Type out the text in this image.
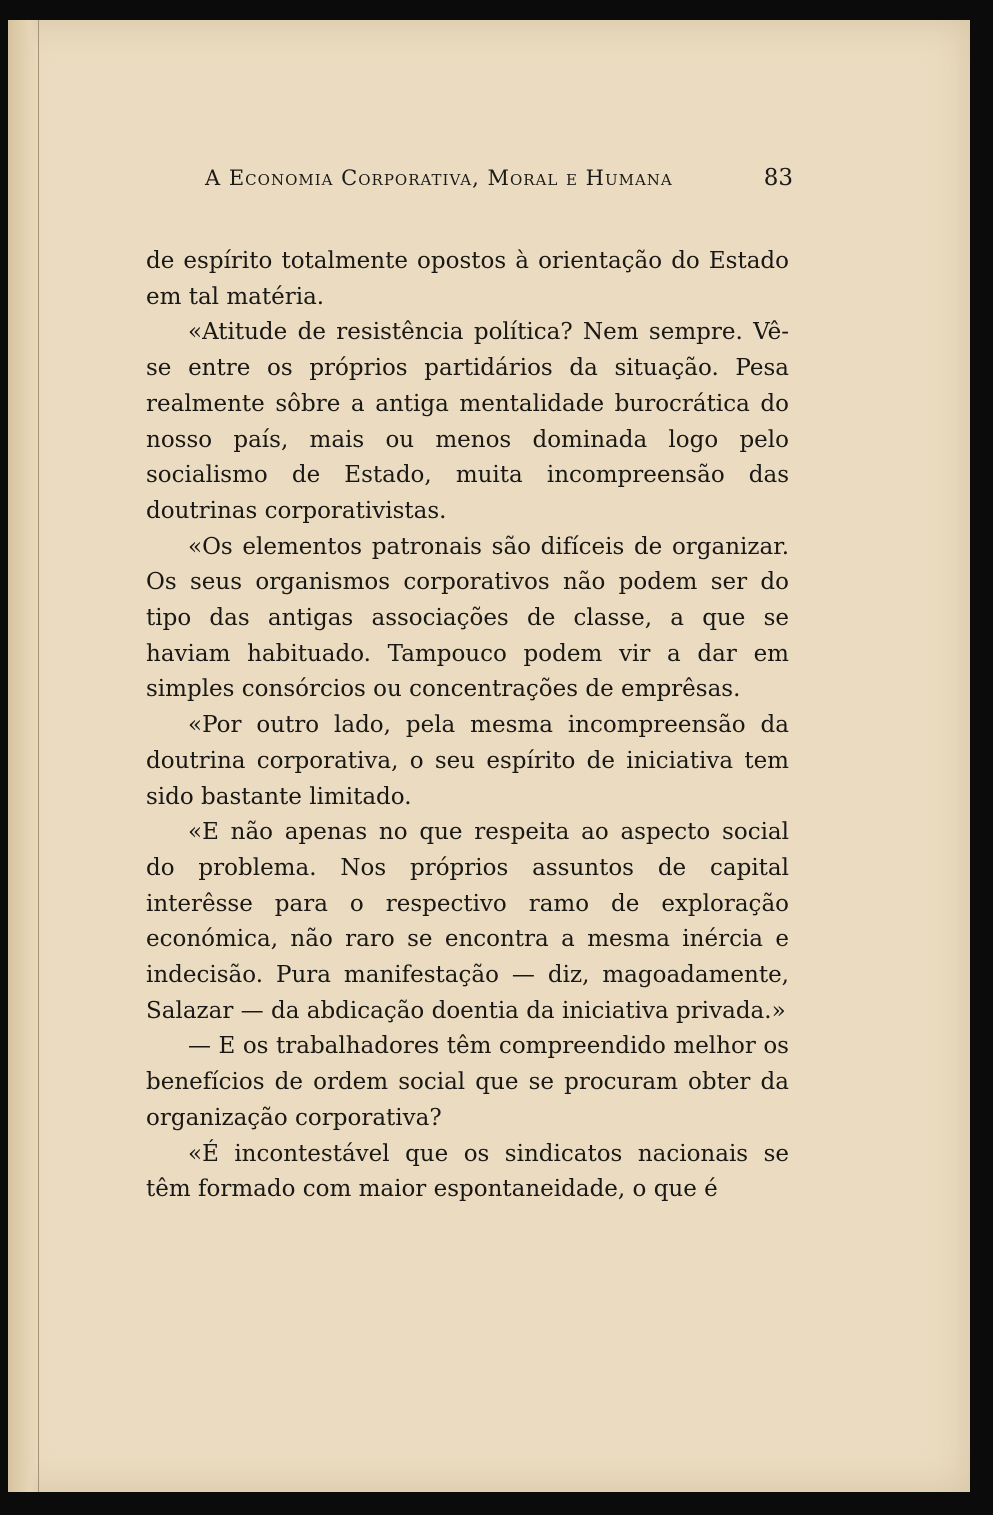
A Economia Corporativa, Moral e Humana	83

de espírito totalmente opostos à orientação do Estado em tal matéria.

«Atitude de resistência política? Nem sempre. Vê-se entre os próprios partidários da situação. Pesa realmente sôbre a antiga mentalidade burocrática do nosso país, mais ou menos dominada logo pelo socialismo de Estado, muita incompreensão das doutrinas corporativistas.

«Os elementos patronais são difíceis de organizar. Os seus organismos corporativos não podem ser do tipo das antigas associações de classe, a que se haviam habituado. Tampouco podem vir a dar em simples consórcios ou concentrações de emprêsas.

«Por outro lado, pela mesma incompreensão da doutrina corporativa, o seu espírito de iniciativa tem sido bastante limitado.

«E não apenas no que respeita ao aspecto social do problema. Nos próprios assuntos de capital interêsse para o respectivo ramo de exploração económica, não raro se encontra a mesma inércia e indecisão. Pura manifestação — diz, magoadamente, Salazar — da abdicação doentia da iniciativa privada.»

— E os trabalhadores têm compreendido melhor os benefícios de ordem social que se procuram obter da organização corporativa?

«É incontestável que os sindicatos nacionais se têm formado com maior espontaneidade, o que é
